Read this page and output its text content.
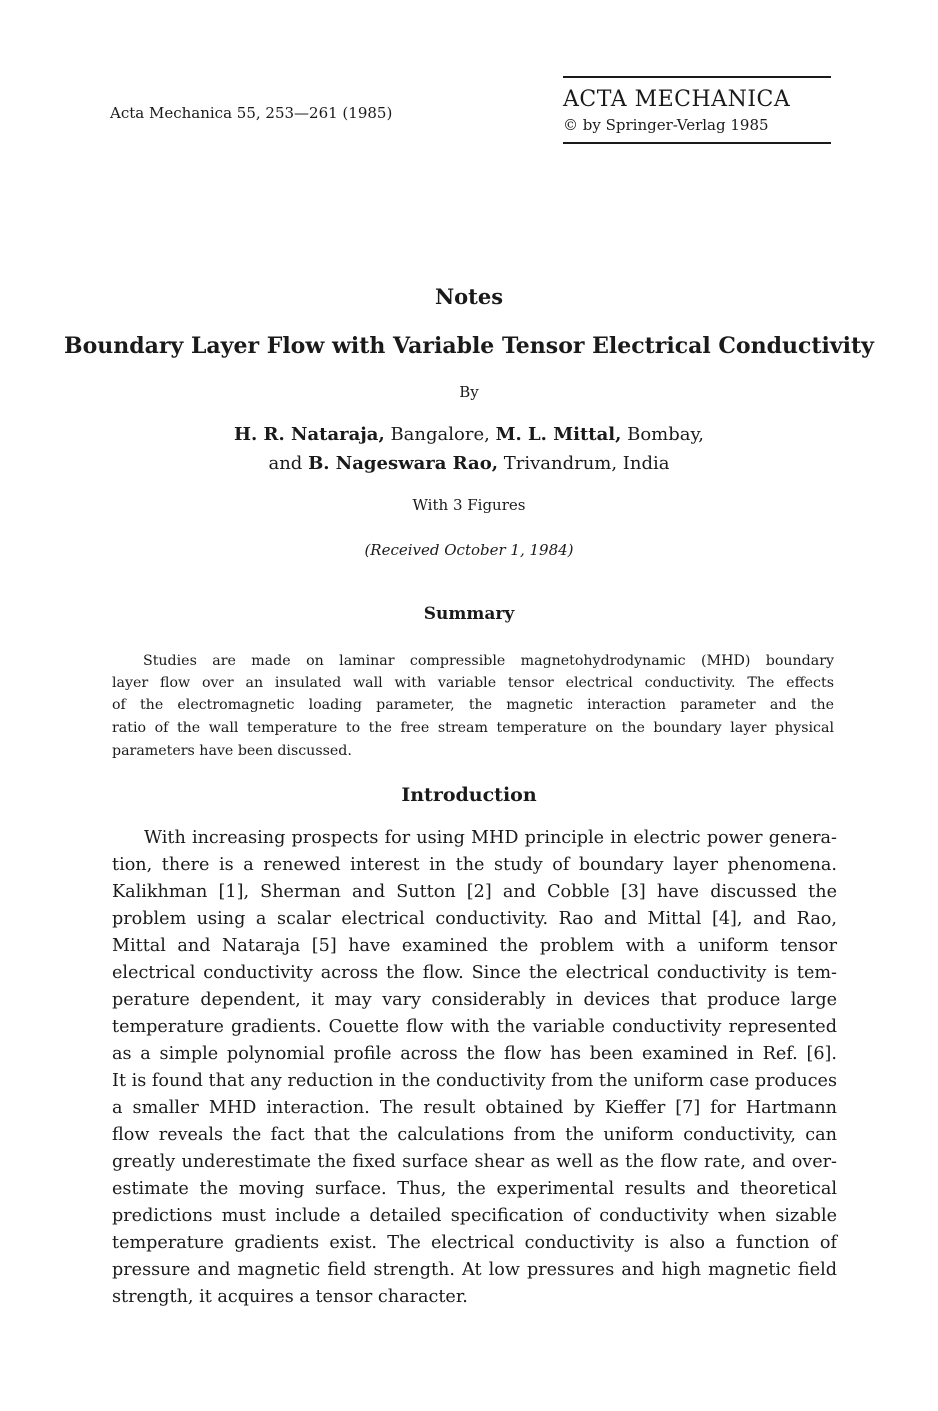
Acta Mechanica 55, 253—261 (1985)
ACTA MECHANICA
© by Springer-Verlag 1985
Notes
Boundary Layer Flow with Variable Tensor Electrical Conductivity
By
H. R. Nataraja, Bangalore, M. L. Mittal, Bombay,
and B. Nageswara Rao, Trivandrum, India
With 3 Figures
(Received October 1, 1984)
Summary
Studies are made on laminar compressible magnetohydrodynamic (MHD) boundary
layer flow over an insulated wall with variable tensor electrical conductivity. The effects
of the electromagnetic loading parameter, the magnetic interaction parameter and the
ratio of the wall temperature to the free stream temperature on the boundary layer physical
parameters have been discussed.
Introduction
With increasing prospects for using MHD principle in electric power genera-
tion, there is a renewed interest in the study of boundary layer phenomena.
Kalikhman [1], Sherman and Sutton [2] and Cobble [3] have discussed the
problem using a scalar electrical conductivity. Rao and Mittal [4], and Rao,
Mittal and Nataraja [5] have examined the problem with a uniform tensor
electrical conductivity across the flow. Since the electrical conductivity is tem-
perature dependent, it may vary considerably in devices that produce large
temperature gradients. Couette flow with the variable conductivity represented
as a simple polynomial profile across the flow has been examined in Ref. [6].
It is found that any reduction in the conductivity from the uniform case produces
a smaller MHD interaction. The result obtained by Kieffer [7] for Hartmann
flow reveals the fact that the calculations from the uniform conductivity, can
greatly underestimate the fixed surface shear as well as the flow rate, and over-
estimate the moving surface. Thus, the experimental results and theoretical
predictions must include a detailed specification of conductivity when sizable
temperature gradients exist. The electrical conductivity is also a function of
pressure and magnetic field strength. At low pressures and high magnetic field
strength, it acquires a tensor character.
